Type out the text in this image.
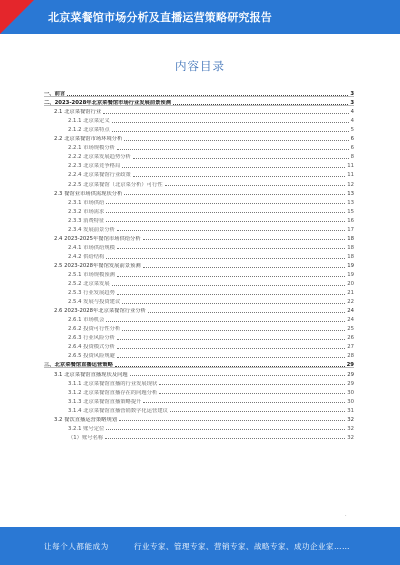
北京菜餐馆市场分析及直播运营策略研究报告
内容目录
一、前言	3
二、2023-2028年北京菜餐馆市场行业发展前景预测	3
2.1 北京菜餐馆行业	4
2.1.1 北京菜定义	4
2.1.2 北京菜特点	5
2.2 北京菜餐馆市场环境分析	6
2.2.1 市场规模分析	6
2.2.2 北京菜发展趋势分析	8
2.2.3 北京菜竞争格局	11
2.2.4 北京菜餐馆行业政策	11
2.2.5 北京菜餐馆（北京菜分析）可行性	12
2.3 餐馆业市场供需现状分析	13
2.3.1 市场供给	13
2.3.2 市场需求	15
2.3.3 消费特征	16
2.3.4 发展前景分析	17
2.4 2023-2025年餐馆市场供给分析	18
2.4.1 市场供给规模	18
2.4.2 供给结构	18
2.5 2023-2028年餐馆发展前景预测	19
2.5.1 市场规模预测	19
2.5.2 北京菜发展	20
2.5.3 行业发展趋势	21
2.5.4 发展与投资建议	22
2.6 2023-2028年北京菜餐馆行业分析	24
2.6.1 市场机会	24
2.6.2 投资可行性分析	25
2.6.3 行业风险分析	26
2.6.4 投资模式分析	27
2.6.5 投资风险规避	28
三、北京菜餐馆直播运营策略	29
3.1 北京菜餐馆直播现状及问题	29
3.1.1 北京菜餐馆直播的行业发展现状	29
3.1.2 北京菜餐馆直播存在的问题分析	30
3.1.3 北京菜餐馆直播策略提升	30
3.1.4 北京菜餐馆直播营销数字化运营建议	31
3.2 餐饮直播运营策略规划	32
3.2.1 账号定位	32
（1）账号名称	32
·
让每个人都能成为	行业专家、管理专家、营销专家、战略专家、成功企业家……
